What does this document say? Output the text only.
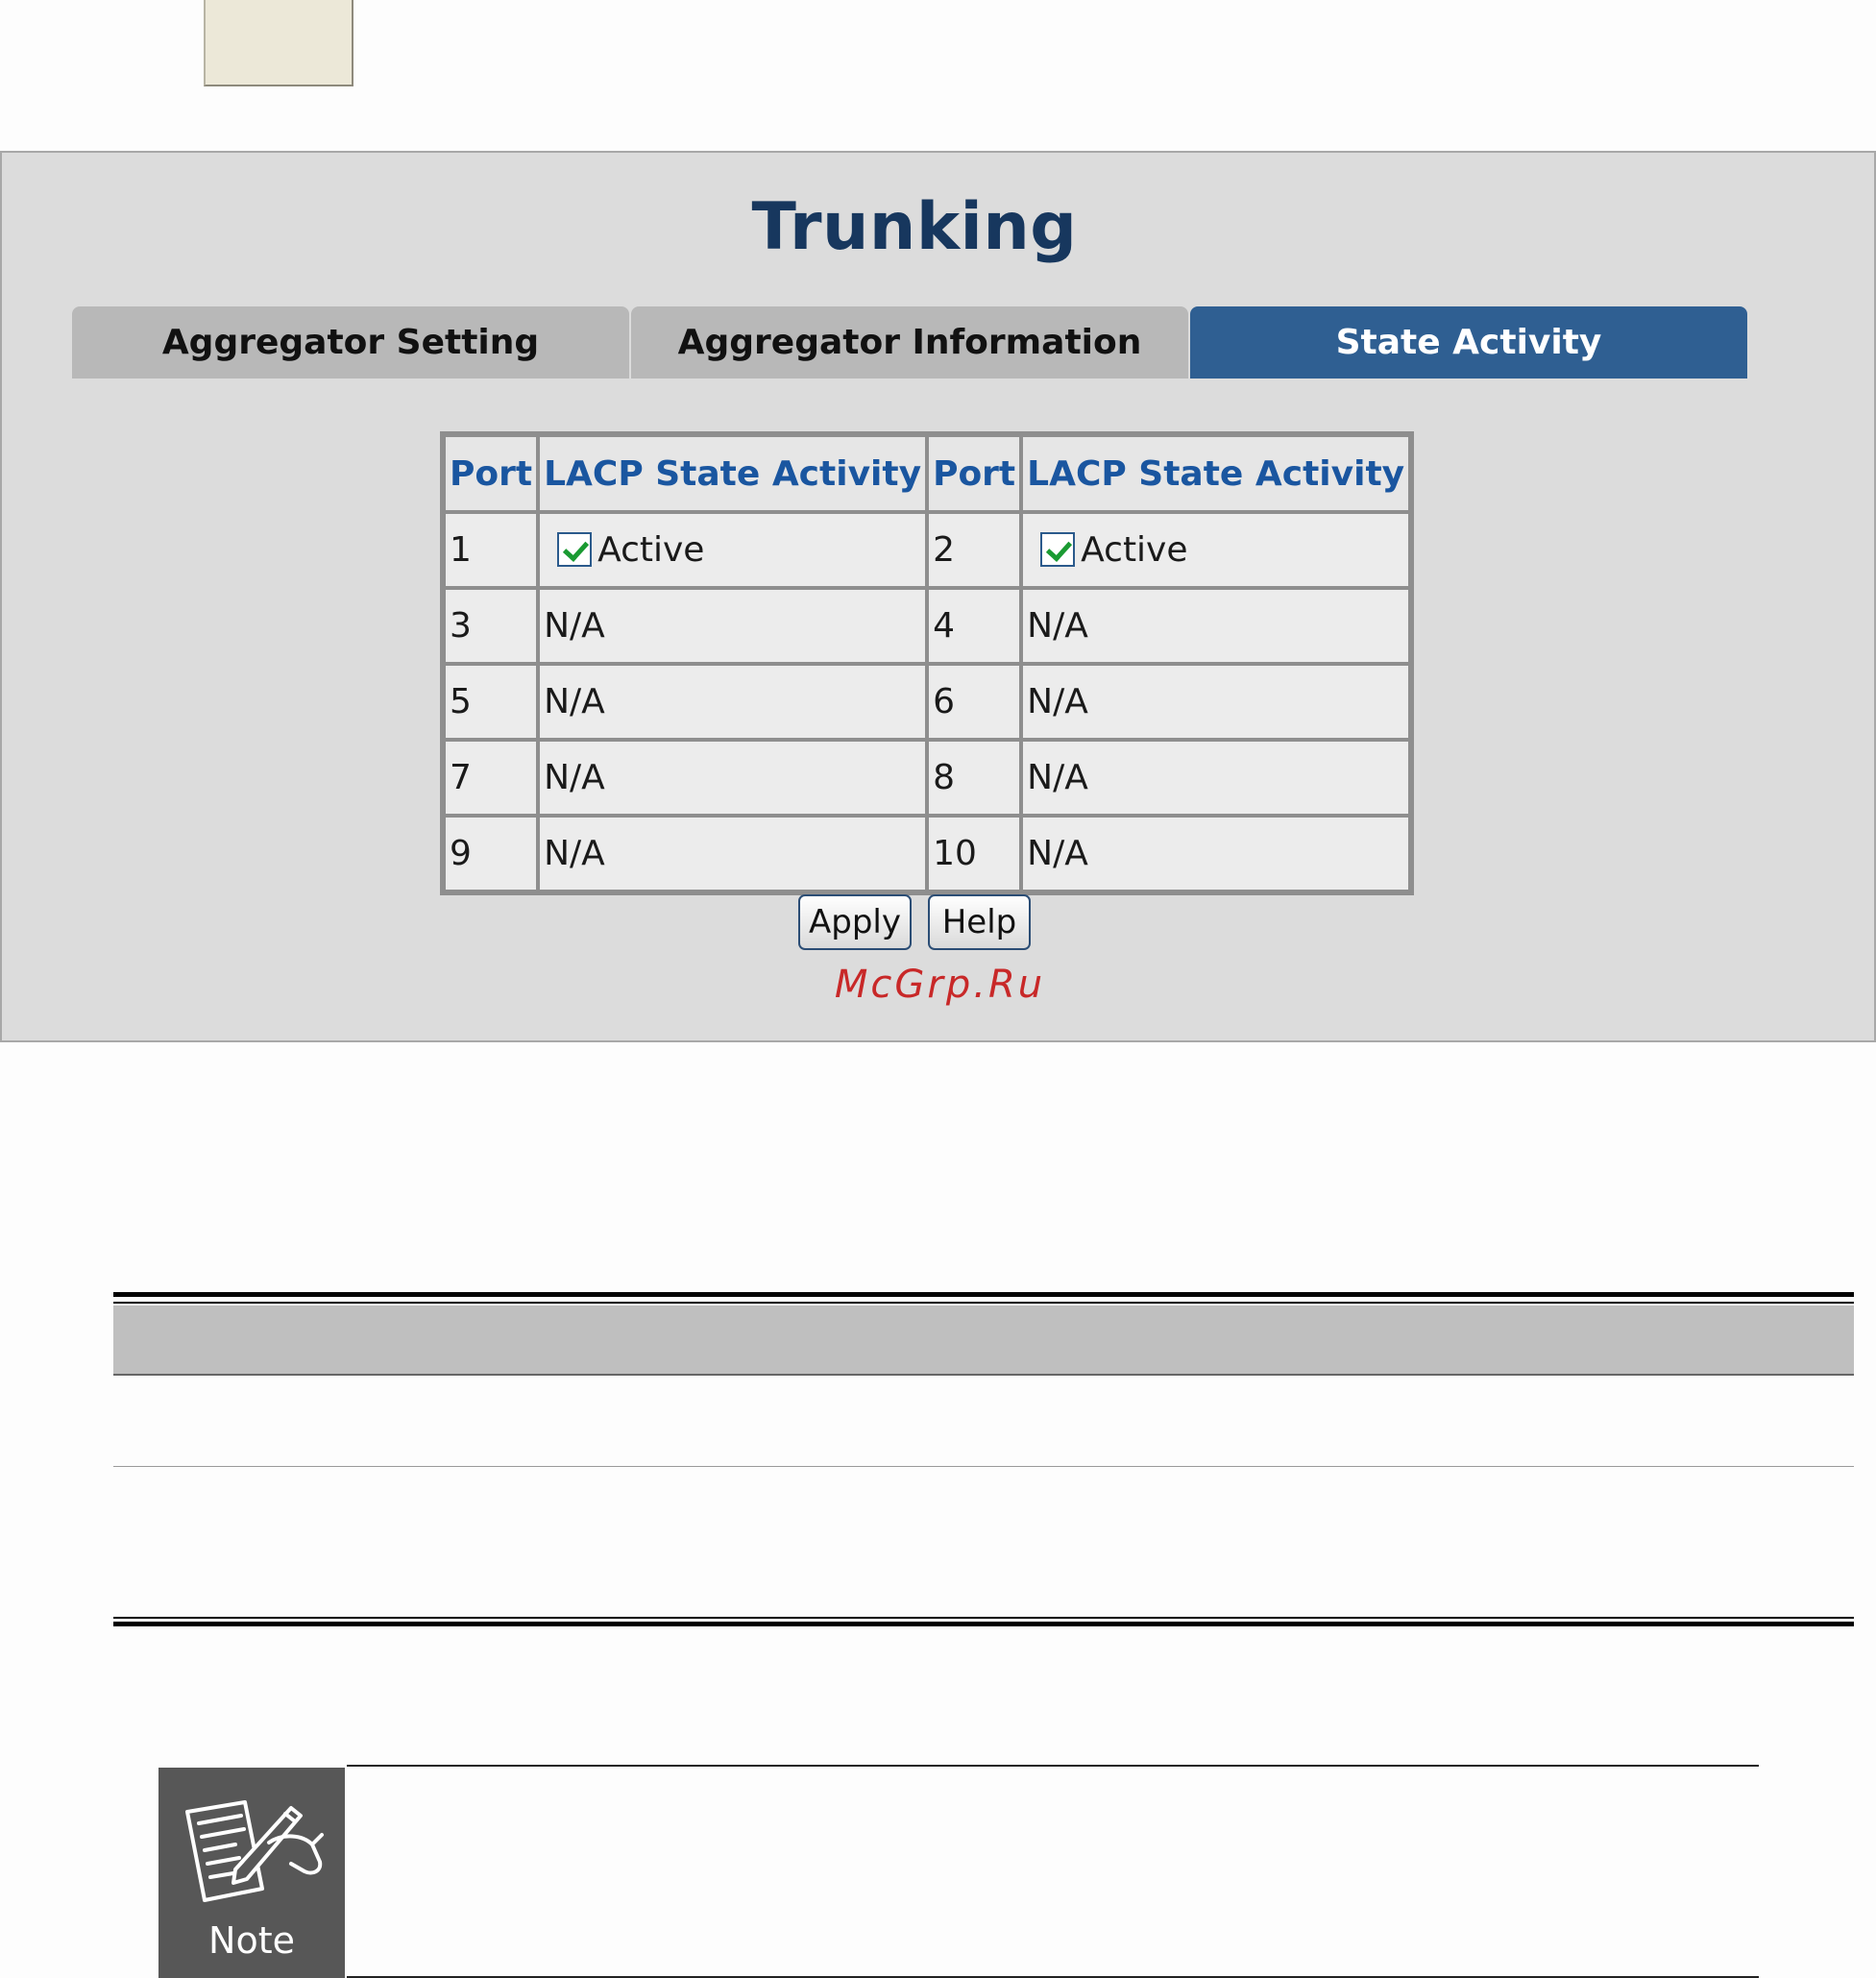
Trunking
Aggregator Setting	Aggregator Information	State Activity
Port	LACP State Activity	Port	LACP State Activity
1	Active	2	Active
3	N/A	4	N/A
5	N/A	6	N/A
7	N/A	8	N/A
9	N/A	10	N/A
Apply	Help
McGrp.Ru
Note
